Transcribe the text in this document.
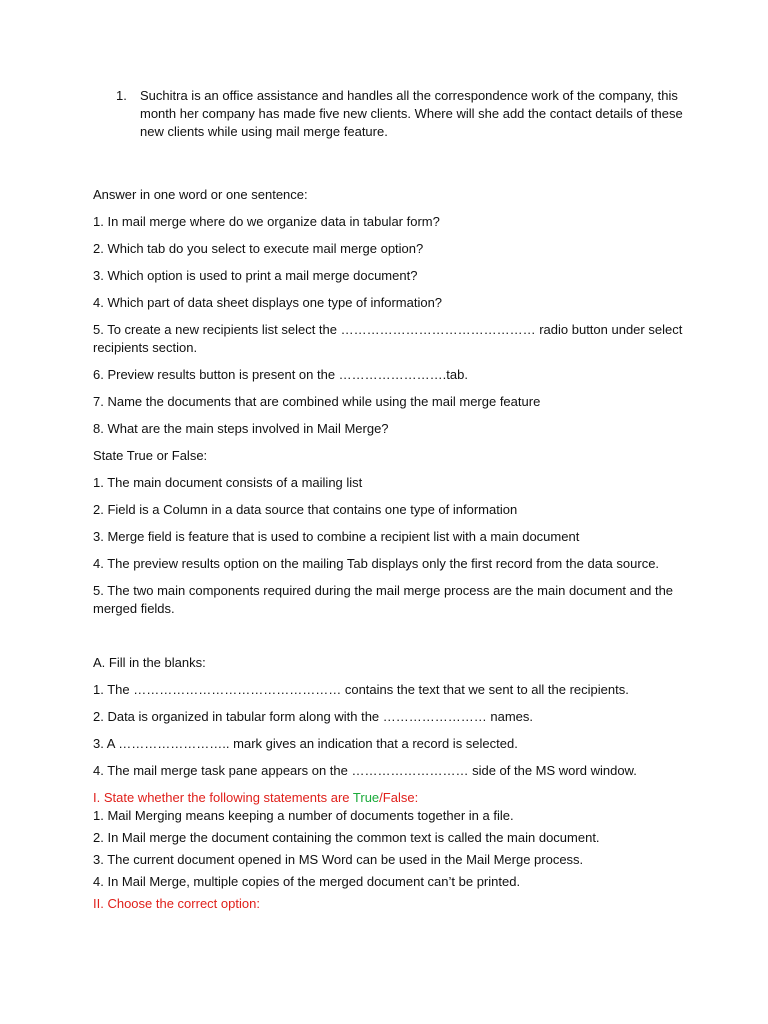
1.	Suchitra is an office assistance and handles all the correspondence work of the company, this month her company has made five new clients. Where will she add the contact details of these new clients while using mail merge feature.

Answer in one word or one sentence:

1. In mail merge where do we organize data in tabular form?

2. Which tab do you select to execute mail merge option?

3. Which option is used to print a mail merge document?

4. Which part of data sheet displays one type of information?

5. To create a new recipients list select the ……………………………………… radio button under select recipients section.

6. Preview results button is present on the …………………….tab.

7. Name the documents that are combined while using the mail merge feature

8. What are the main steps involved in Mail Merge?

State True or False:

1. The main document consists of a mailing list

2. Field is a Column in a data source that contains one type of information

3. Merge field is feature that is used to combine a recipient list with a main document

4. The preview results option on the mailing Tab displays only the first record from the data source.

5. The two main components required during the mail merge process are the main document and the merged fields.

A. Fill in the blanks:

1. The ………………………………………… contains the text that we sent to all the recipients.

2. Data is organized in tabular form along with the …………………… names.

3. A …………………….. mark gives an indication that a record is selected.

4. The mail merge task pane appears on the ……………………… side of the MS word window.

I. State whether the following statements are True/False:

1. Mail Merging means keeping a number of documents together in a file.

2. In Mail merge the document containing the common text is called the main document.

3. The current document opened in MS Word can be used in the Mail Merge process.

4. In Mail Merge, multiple copies of the merged document can’t be printed.

II. Choose the correct option:
